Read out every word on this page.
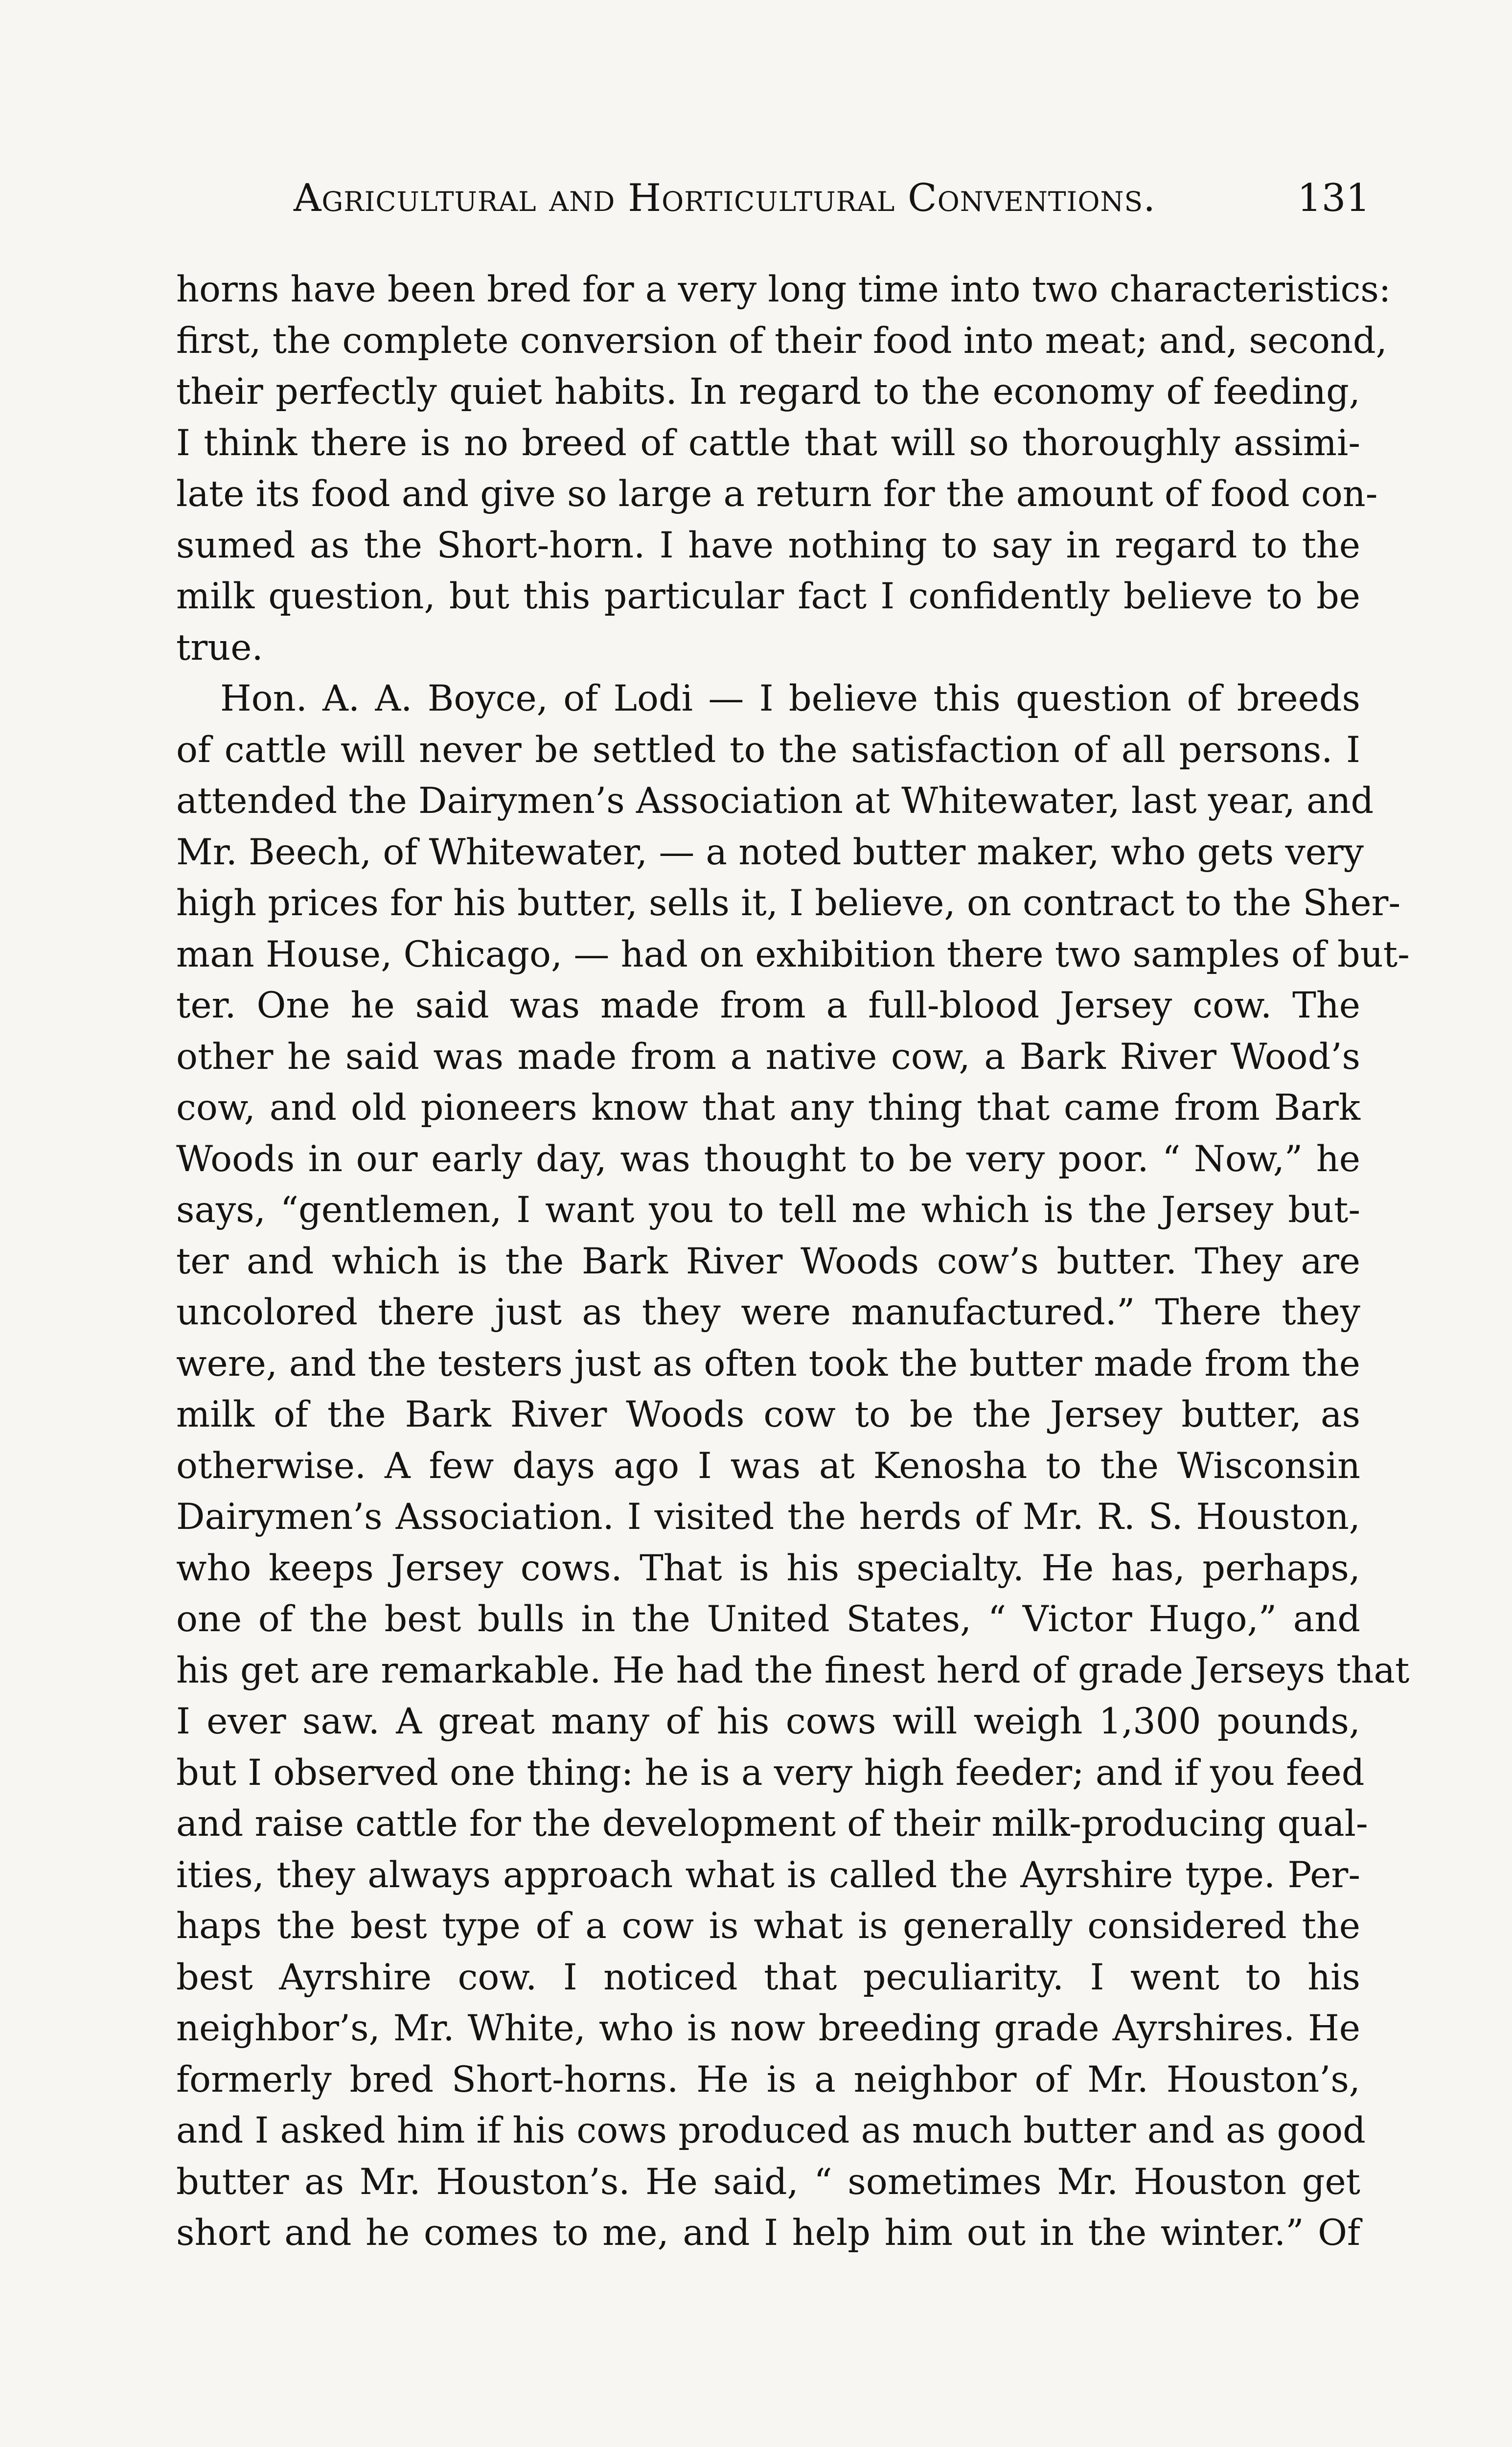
Agricultural and Horticultural Conventions.	131
horns have been bred for a very long time into two characteristics:
first, the complete conversion of their food into meat; and, second,
their perfectly quiet habits. In regard to the economy of feeding,
I think there is no breed of cattle that will so thoroughly assimi-
late its food and give so large a return for the amount of food con-
sumed as the Short-horn. I have nothing to say in regard to the
milk question, but this particular fact I confidently believe to be
true.
Hon. A. A. Boyce, of Lodi — I believe this question of breeds
of cattle will never be settled to the satisfaction of all persons. I
attended the Dairymen’s Association at Whitewater, last year, and
Mr. Beech, of Whitewater, — a noted butter maker, who gets very
high prices for his butter, sells it, I believe, on contract to the Sher-
man House, Chicago, — had on exhibition there two samples of but-
ter. One he said was made from a full-blood Jersey cow. The
other he said was made from a native cow, a Bark River Wood’s
cow, and old pioneers know that any thing that came from Bark
Woods in our early day, was thought to be very poor. “ Now,” he
says, “gentlemen, I want you to tell me which is the Jersey but-
ter and which is the Bark River Woods cow’s butter. They are
uncolored there just as they were manufactured.” There they
were, and the testers just as often took the butter made from the
milk of the Bark River Woods cow to be the Jersey butter, as
otherwise. A few days ago I was at Kenosha to the Wisconsin
Dairymen’s Association. I visited the herds of Mr. R. S. Houston,
who keeps Jersey cows. That is his specialty. He has, perhaps,
one of the best bulls in the United States, “ Victor Hugo,” and
his get are remarkable. He had the finest herd of grade Jerseys that
I ever saw. A great many of his cows will weigh 1,300 pounds,
but I observed one thing: he is a very high feeder; and if you feed
and raise cattle for the development of their milk-producing qual-
ities, they always approach what is called the Ayrshire type. Per-
haps the best type of a cow is what is generally considered the
best Ayrshire cow. I noticed that peculiarity. I went to his
neighbor’s, Mr. White, who is now breeding grade Ayrshires. He
formerly bred Short-horns. He is a neighbor of Mr. Houston’s,
and I asked him if his cows produced as much butter and as good
butter as Mr. Houston’s. He said, “ sometimes Mr. Houston get
short and he comes to me, and I help him out in the winter.” Of
